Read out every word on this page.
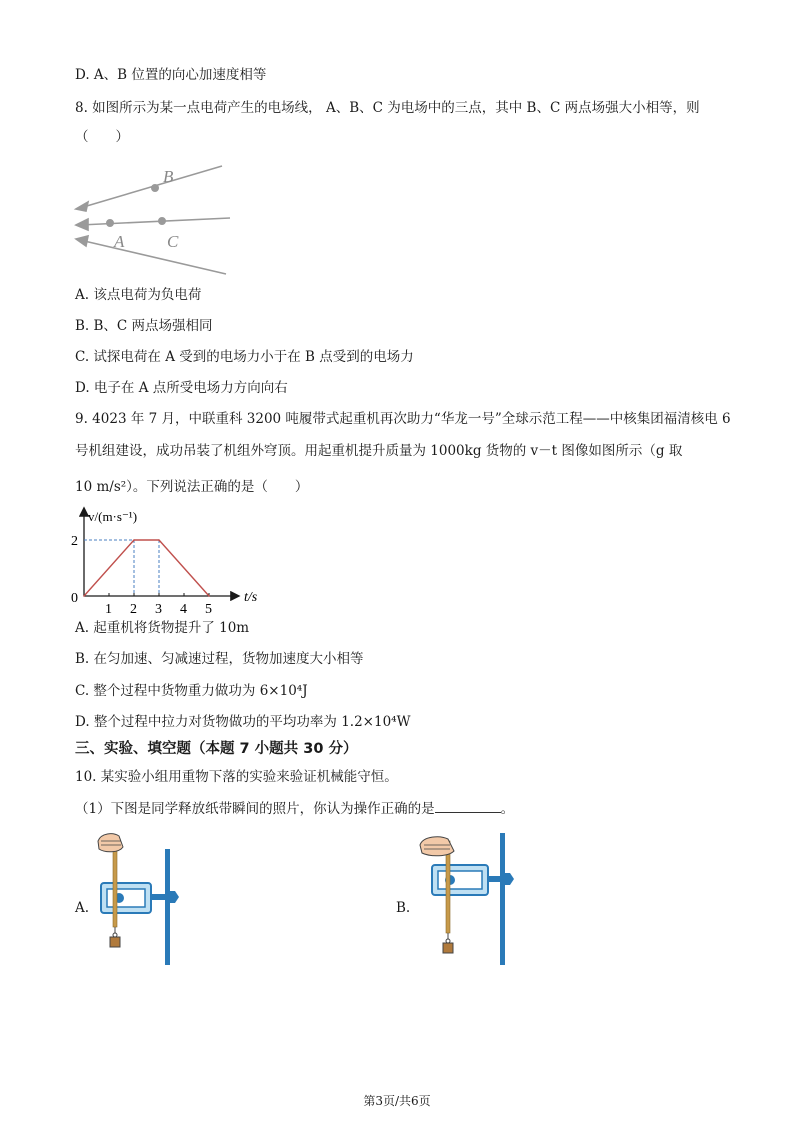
D. A、B 位置的向心加速度相等
8. 如图所示为某一点电荷产生的电场线， A、B、C 为电场中的三点，其中 B、C 两点场强大小相等，则
（　　）
B
A	C
A. 该点电荷为负电荷
B. B、C 两点场强相同
C. 试探电荷在 A 受到的电场力小于在 B 点受到的电场力
D. 电子在 A 点所受电场力方向向右
9. 4023 年 7 月，中联重科 3200 吨履带式起重机再次助力“华龙一号”全球示范工程——中核集团福清核电 6
号机组建设，成功吊装了机组外穹顶。用起重机提升质量为 1000kg 货物的 v－t 图像如图所示（g 取
10 m/s²）。下列说法正确的是（　　）
v/(m·s⁻¹)
t/s
0
1 2 3 4 5
2
A. 起重机将货物提升了 10m
B. 在匀加速、匀减速过程，货物加速度大小相等
C. 整个过程中货物重力做功为 6×10⁴J
D. 整个过程中拉力对货物做功的平均功率为 1.2×10⁴W
三、实验、填空题（本题 7 小题共 30 分）
10. 某实验小组用重物下落的实验来验证机械能守恒。
（1）下图是同学释放纸带瞬间的照片，你认为操作正确的是	。
A.	B.
第3页/共6页
